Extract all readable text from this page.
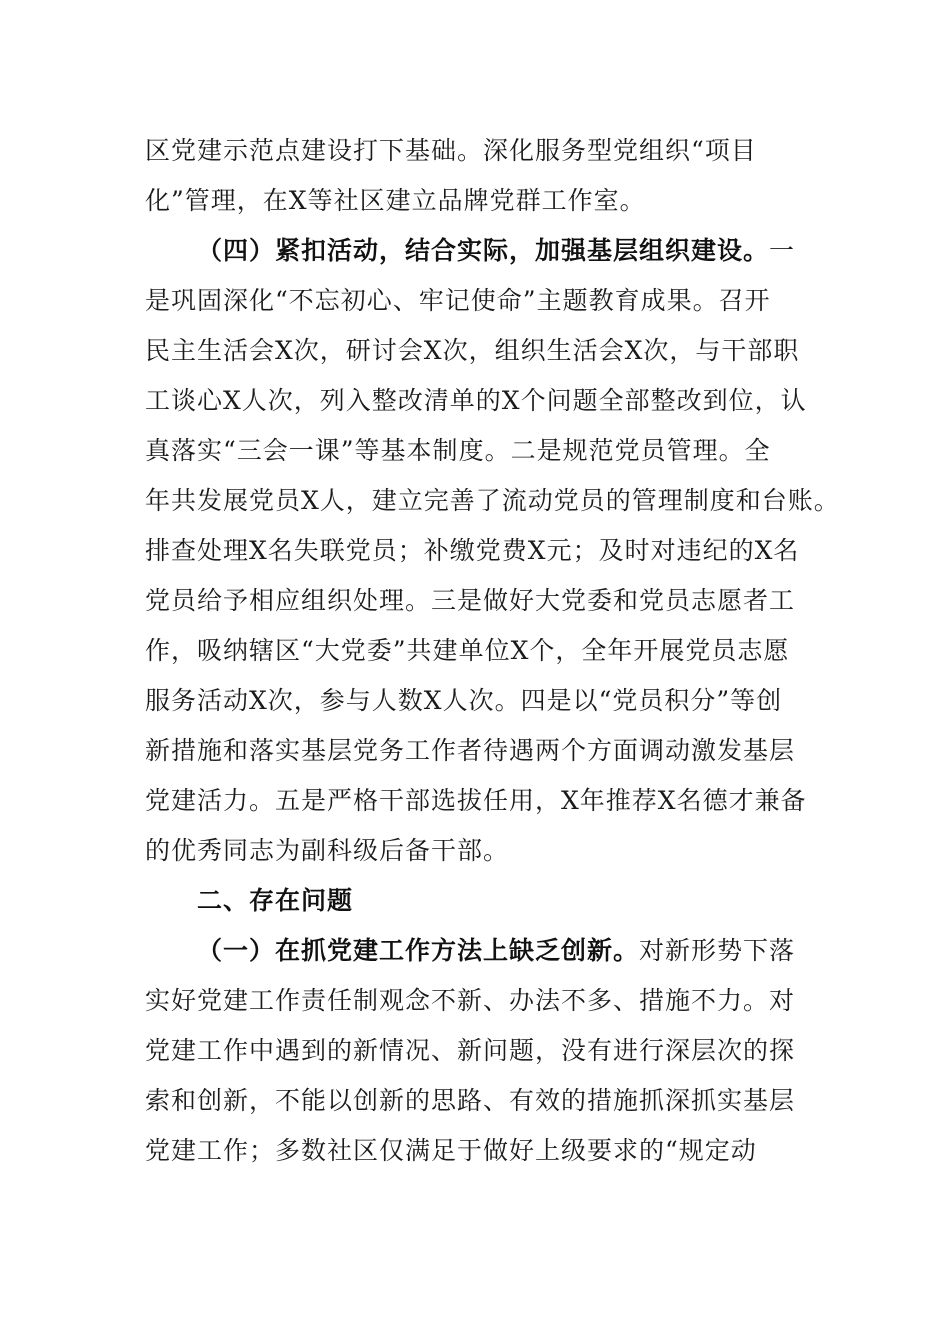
区党建示范点建设打下基础。深化服务型党组织“项目
化”管理，在X等社区建立品牌党群工作室。
（四）紧扣活动，结合实际，加强基层组织建设。一
是巩固深化“不忘初心、牢记使命”主题教育成果。召开
民主生活会X次，研讨会X次，组织生活会X次，与干部职
工谈心X人次，列入整改清单的X个问题全部整改到位，认
真落实“三会一课”等基本制度。二是规范党员管理。全
年共发展党员X人，建立完善了流动党员的管理制度和台账。
排查处理X名失联党员；补缴党费X元；及时对违纪的X名
党员给予相应组织处理。三是做好大党委和党员志愿者工
作，吸纳辖区“大党委”共建单位X个，全年开展党员志愿
服务活动X次，参与人数X人次。四是以“党员积分”等创
新措施和落实基层党务工作者待遇两个方面调动激发基层
党建活力。五是严格干部选拔任用，X年推荐X名德才兼备
的优秀同志为副科级后备干部。
二、存在问题
（一）在抓党建工作方法上缺乏创新。对新形势下落
实好党建工作责任制观念不新、办法不多、措施不力。对
党建工作中遇到的新情况、新问题，没有进行深层次的探
索和创新，不能以创新的思路、有效的措施抓深抓实基层
党建工作；多数社区仅满足于做好上级要求的“规定动
